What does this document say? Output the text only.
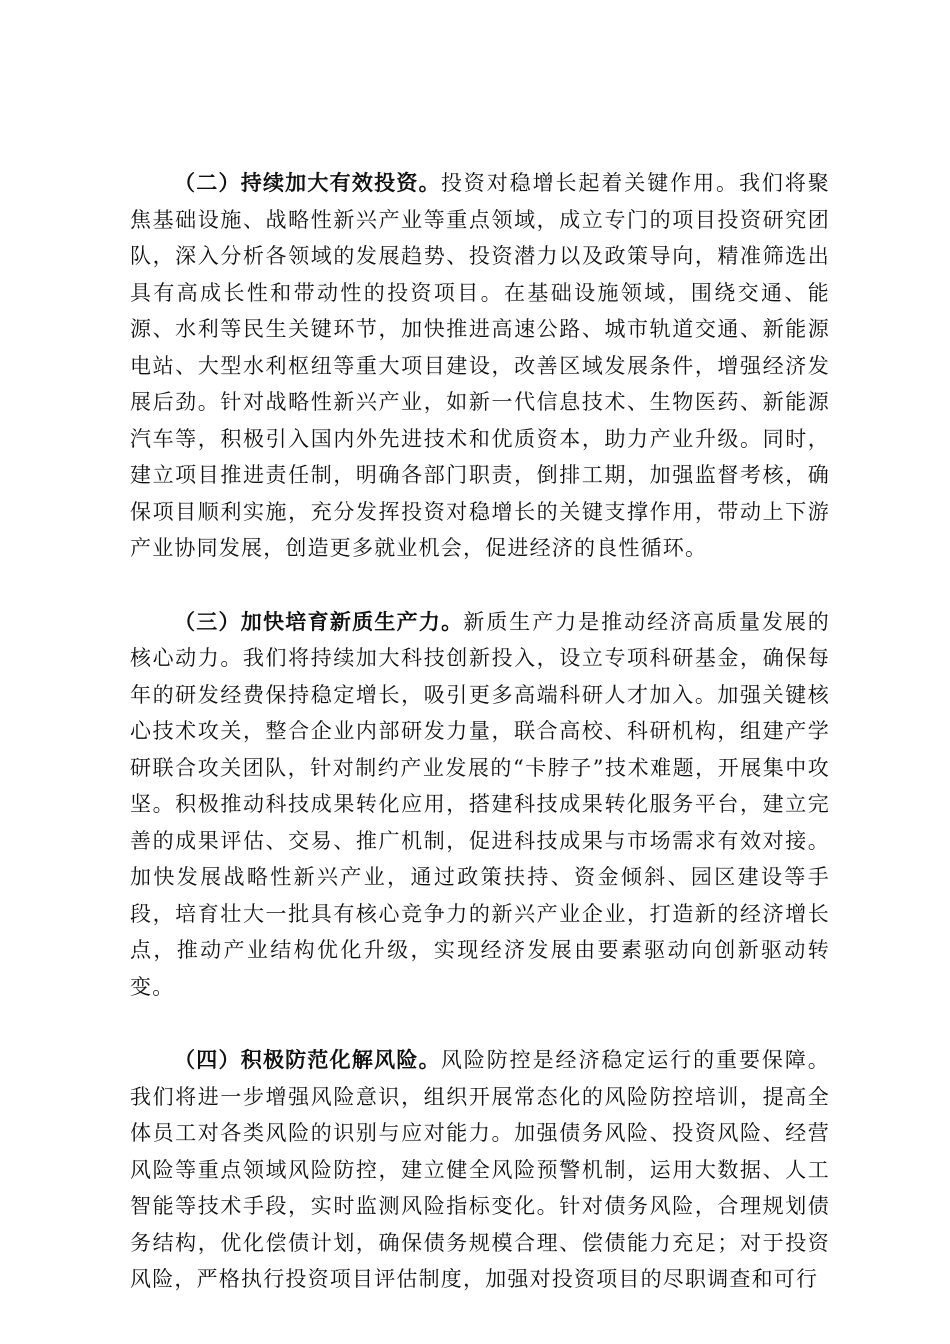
（二）持续加大有效投资。投资对稳增长起着关键作用。我们将聚焦基础设施、战略性新兴产业等重点领域，成立专门的项目投资研究团队，深入分析各领域的发展趋势、投资潜力以及政策导向，精准筛选出具有高成长性和带动性的投资项目。在基础设施领域，围绕交通、能源、水利等民生关键环节，加快推进高速公路、城市轨道交通、新能源电站、大型水利枢纽等重大项目建设，改善区域发展条件，增强经济发展后劲。针对战略性新兴产业，如新一代信息技术、生物医药、新能源汽车等，积极引入国内外先进技术和优质资本，助力产业升级。同时，建立项目推进责任制，明确各部门职责，倒排工期，加强监督考核，确保项目顺利实施，充分发挥投资对稳增长的关键支撑作用，带动上下游产业协同发展，创造更多就业机会，促进经济的良性循环。

（三）加快培育新质生产力。新质生产力是推动经济高质量发展的核心动力。我们将持续加大科技创新投入，设立专项科研基金，确保每年的研发经费保持稳定增长，吸引更多高端科研人才加入。加强关键核心技术攻关，整合企业内部研发力量，联合高校、科研机构，组建产学研联合攻关团队，针对制约产业发展的“卡脖子”技术难题，开展集中攻坚。积极推动科技成果转化应用，搭建科技成果转化服务平台，建立完善的成果评估、交易、推广机制，促进科技成果与市场需求有效对接。加快发展战略性新兴产业，通过政策扶持、资金倾斜、园区建设等手段，培育壮大一批具有核心竞争力的新兴产业企业，打造新的经济增长点，推动产业结构优化升级，实现经济发展由要素驱动向创新驱动转变。

（四）积极防范化解风险。风险防控是经济稳定运行的重要保障。我们将进一步增强风险意识，组织开展常态化的风险防控培训，提高全体员工对各类风险的识别与应对能力。加强债务风险、投资风险、经营风险等重点领域风险防控，建立健全风险预警机制，运用大数据、人工智能等技术手段，实时监测风险指标变化。针对债务风险，合理规划债务结构，优化偿债计划，确保债务规模合理、偿债能力充足；对于投资风险，严格执行投资项目评估制度，加强对投资项目的尽职调查和可行
